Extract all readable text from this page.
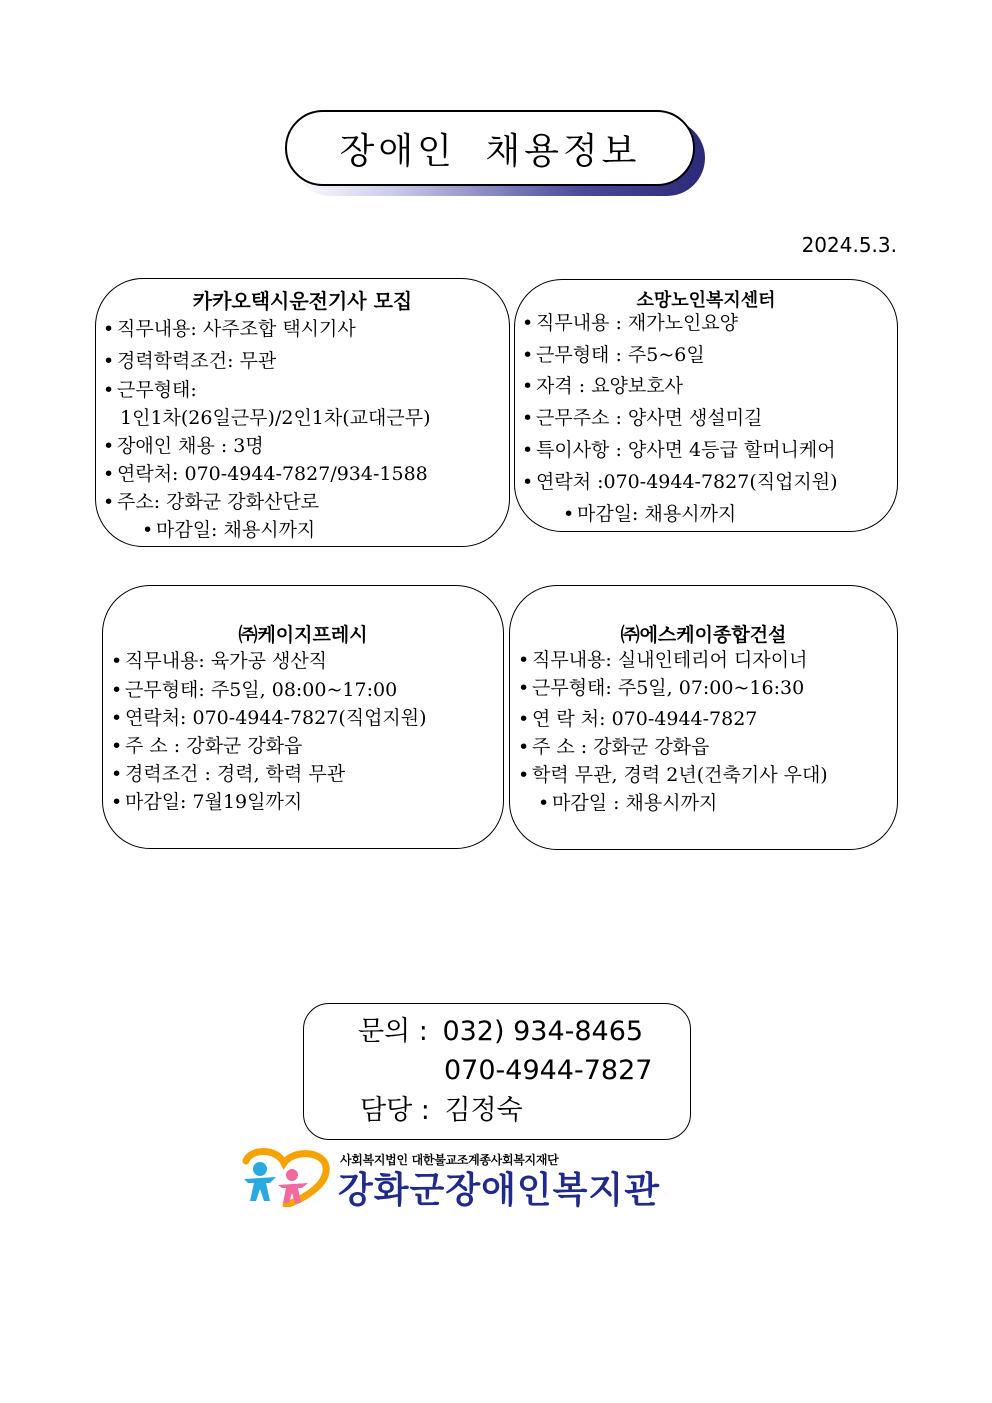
장애인 채용정보
2024.5.3.
카카오택시운전기사 모집
• 직무내용: 사주조합 택시기사
• 경력학력조건: 무관
• 근무형태:
1인1차(26일근무)/2인1차(교대근무)
• 장애인 채용 : 3명
• 연락처: 070-4944-7827/934-1588
• 주소: 강화군 강화산단로
• 마감일: 채용시까지
소망노인복지센터
• 직무내용 : 재가노인요양
• 근무형태 : 주5~6일
• 자격 : 요양보호사
• 근무주소 : 양사면 생설미길
• 특이사항 : 양사면 4등급 할머니케어
• 연락처 :070-4944-7827(직업지원)
• 마감일: 채용시까지
㈜케이지프레시
• 직무내용: 육가공 생산직
• 근무형태: 주5일, 08:00~17:00
• 연락처: 070-4944-7827(직업지원)
• 주 소 : 강화군 강화읍
• 경력조건 : 경력, 학력 무관
• 마감일: 7월19일까지
㈜에스케이종합건설
• 직무내용: 실내인테리어 디자이너
• 근무형태: 주5일, 07:00~16:30
• 연 락 처: 070-4944-7827
• 주 소 : 강화군 강화읍
• 학력 무관, 경력 2년(건축기사 우대)
• 마감일 : 채용시까지
문의 : 032) 934-8465
070-4944-7827
담당 : 김정숙
사회복지법인 대한불교조계종사회복지재단
강화군장애인복지관
